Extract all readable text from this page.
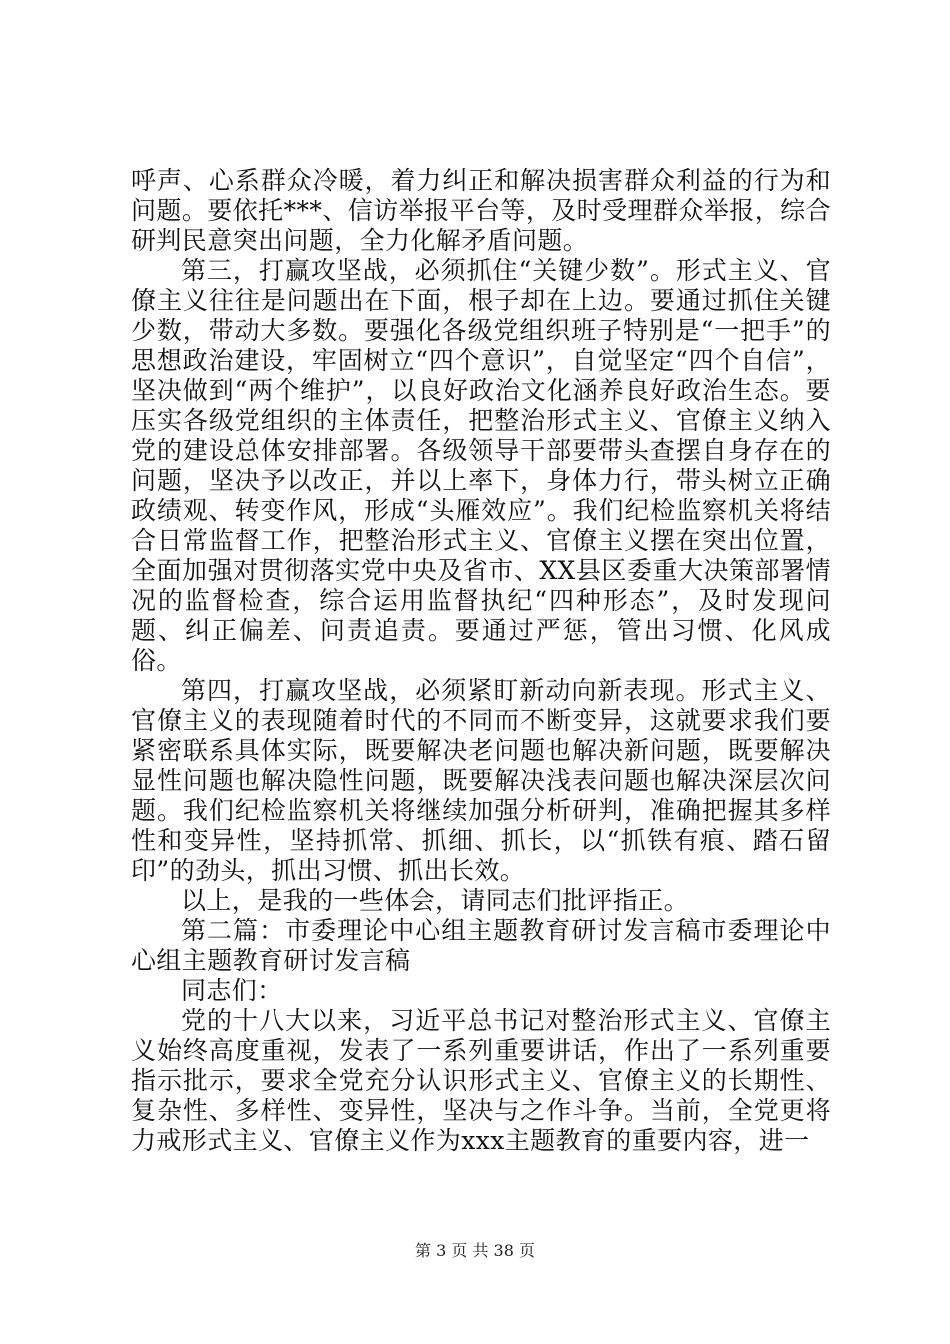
呼声、心系群众冷暖，着力纠正和解决损害群众利益的行为和问题。要依托***、信访举报平台等，及时受理群众举报，综合研判民意突出问题，全力化解矛盾问题。

第三，打赢攻坚战，必须抓住“关键少数”。形式主义、官僚主义往往是问题出在下面，根子却在上边。要通过抓住关键少数，带动大多数。要强化各级党组织班子特别是“一把手”的思想政治建设，牢固树立“四个意识”，自觉坚定“四个自信”，坚决做到“两个维护”，以良好政治文化涵养良好政治生态。要压实各级党组织的主体责任，把整治形式主义、官僚主义纳入党的建设总体安排部署。各级领导干部要带头查摆自身存在的问题，坚决予以改正，并以上率下，身体力行，带头树立正确政绩观、转变作风，形成“头雁效应”。我们纪检监察机关将结合日常监督工作，把整治形式主义、官僚主义摆在突出位置，全面加强对贯彻落实党中央及省市、XX县区委重大决策部署情况的监督检查，综合运用监督执纪“四种形态”，及时发现问题、纠正偏差、问责追责。要通过严惩，管出习惯、化风成俗。

第四，打赢攻坚战，必须紧盯新动向新表现。形式主义、官僚主义的表现随着时代的不同而不断变异，这就要求我们要紧密联系具体实际，既要解决老问题也解决新问题，既要解决显性问题也解决隐性问题，既要解决浅表问题也解决深层次问题。我们纪检监察机关将继续加强分析研判，准确把握其多样性和变异性，坚持抓常、抓细、抓长，以“抓铁有痕、踏石留印”的劲头，抓出习惯、抓出长效。

以上，是我的一些体会，请同志们批评指正。

第二篇：市委理论中心组主题教育研讨发言稿市委理论中心组主题教育研讨发言稿

同志们：

党的十八大以来，习近平总书记对整治形式主义、官僚主义始终高度重视，发表了一系列重要讲话，作出了一系列重要指示批示，要求全党充分认识形式主义、官僚主义的长期性、复杂性、多样性、变异性，坚决与之作斗争。当前，全党更将力戒形式主义、官僚主义作为xxx主题教育的重要内容，进一

第 3 页 共 38 页
